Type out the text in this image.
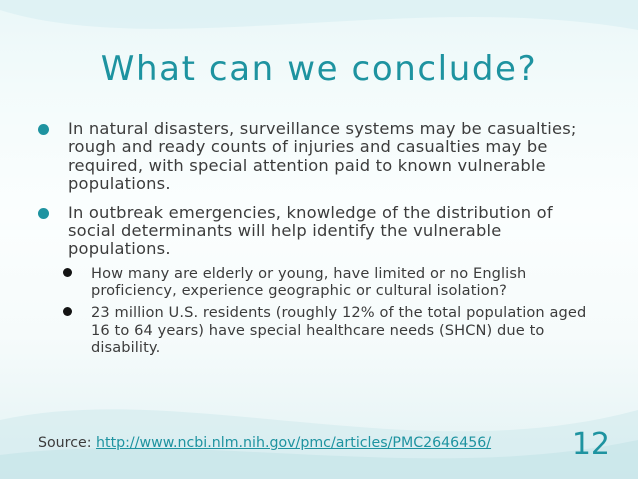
What can we conclude?
In natural disasters, surveillance systems may be casualties; rough and ready counts of injuries and casualties may be required, with special attention paid to known vulnerable populations.
In outbreak emergencies, knowledge of the distribution of social determinants will help identify the vulnerable populations.
How many are elderly or young, have limited or no English proficiency, experience geographic or cultural isolation?
23 million U.S. residents (roughly 12% of the total population aged 16 to 64 years) have special healthcare needs (SHCN) due to disability.
Source: http://www.ncbi.nlm.nih.gov/pmc/articles/PMC2646456/	12
